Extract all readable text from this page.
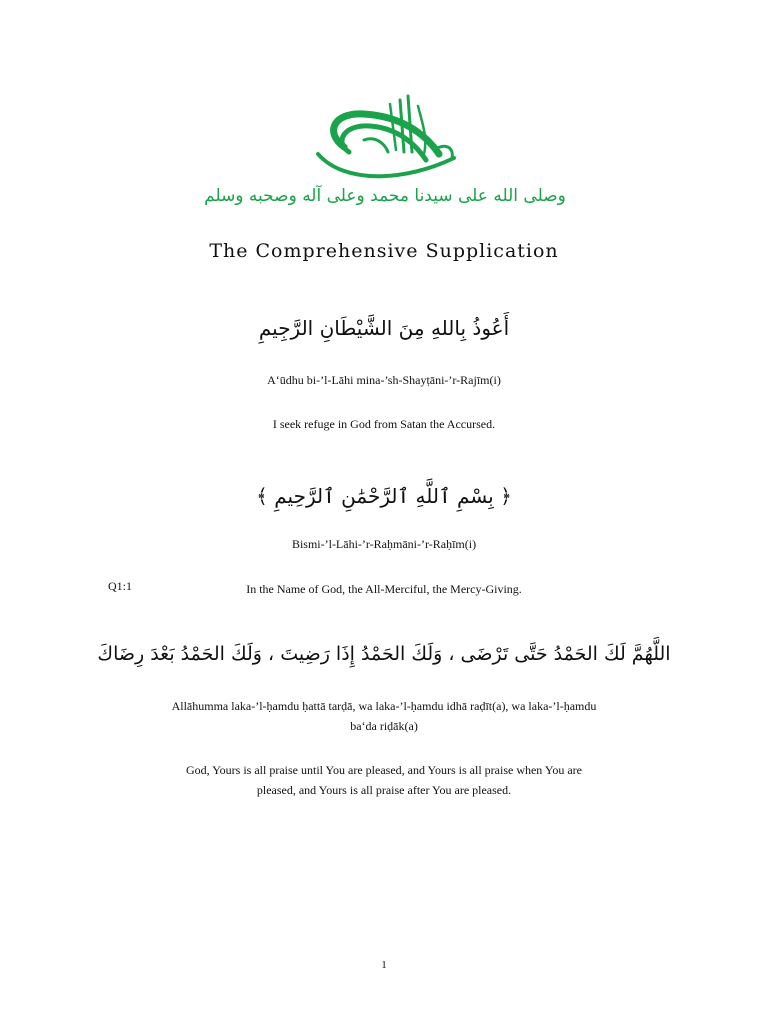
وصلى الله على سيدنا محمد وعلى آله وصحبه وسلم
The Comprehensive Supplication
أَعُوذُ بِاللهِ مِنَ الشَّيْطَانِ الرَّجِيمِ
A‘ūdhu bi-’l-Lāhi mina-’sh-Shayṭāni-’r-Rajīm(i)
I seek refuge in God from Satan the Accursed.
﴿ بِسْمِ ٱللَّهِ ٱلرَّحْمَٰنِ ٱلرَّحِيمِ ﴾
Bismi-’l-Lāhi-’r-Raḥmāni-’r-Raḥīm(i)
Q1:1	In the Name of God, the All-Merciful, the Mercy-Giving.
اللَّهُمَّ لَكَ الحَمْدُ حَتَّى تَرْضَى ، وَلَكَ الحَمْدُ إِذَا رَضِيتَ ، وَلَكَ الحَمْدُ بَعْدَ رِضَاكَ
Allāhumma laka-’l-ḥamdu ḥattā tarḍā, wa laka-’l-ḥamdu idhā raḍīt(a), wa laka-’l-ḥamdu
ba‘da riḍāk(a)
God, Yours is all praise until You are pleased, and Yours is all praise when You are
pleased, and Yours is all praise after You are pleased.
1
